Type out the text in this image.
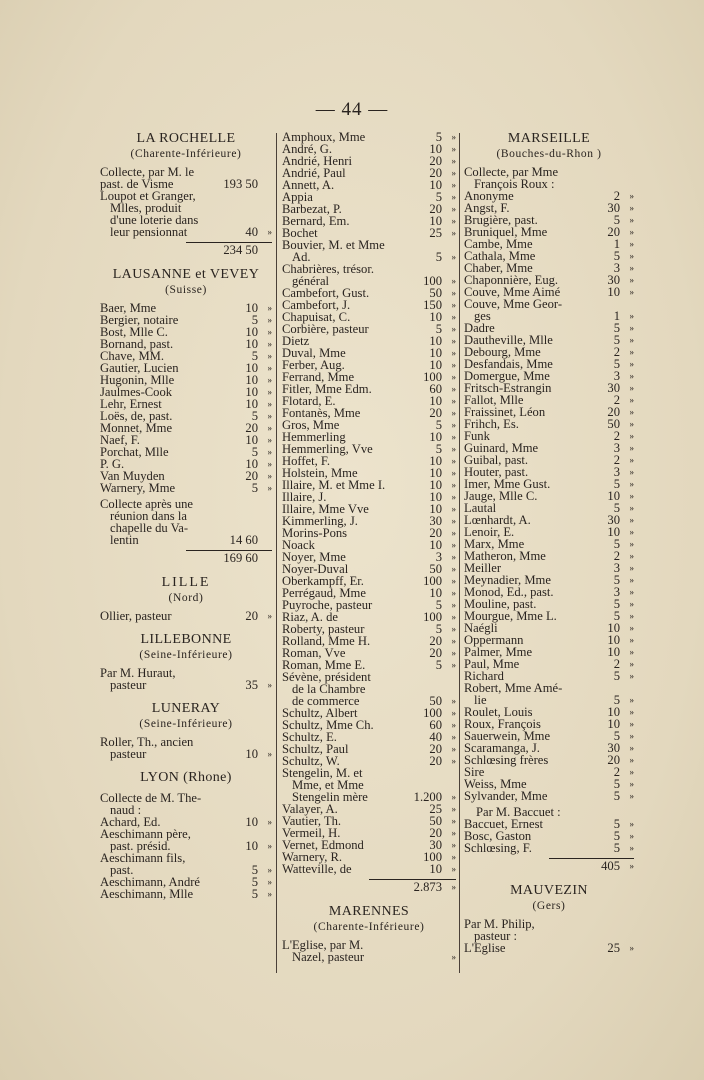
— 44 —
LA ROCHELLE
(Charente-Inférieure)
Collecte, par M. le
past. de Visme	193 50
Loupot et Granger,
Mlles, produit
d'une loterie dans
leur pensionnat	40 »
234 50
LAUSANNE et VEVEY
(Suisse)
Baer, Mme	10 »
Bergier, notaire	5 »
Bost, Mlle C.	10 »
Bornand, past.	10 »
Chave, MM.	5 »
Gautier, Lucien	10 »
Hugonin, Mlle	10 »
Jaulmes-Cook	10 »
Lehr, Ernest	10 »
Loës, de, past.	5 »
Monnet, Mme	20 »
Naef, F.	10 »
Porchat, Mlle	5 »
P. G.	10 »
Van Muyden	20 »
Warnery, Mme	5 »
Collecte après une
réunion dans la
chapelle du Va-
lentin	14 60
169 60
LILLE
(Nord)
Ollier, pasteur	20 »
LILLEBONNE
(Seine-Inférieure)
Par M. Huraut,
pasteur	35 »
LUNERAY
(Seine-Inférieure)
Roller, Th., ancien
pasteur	10 »
LYON (Rhone)
Collecte de M. The-
naud :
Achard, Ed.	10 »
Aeschimann père,
past. présid.	10 »
Aeschimann fils,
past.	5 »
Aeschimann, André	5 »
Aeschimann, Mlle	5 »
Amphoux, Mme	5 »
André, G.	10 »
Andrié, Henri	20 »
Andrié, Paul	20 »
Annett, A.	10 »
Appia	5 »
Barbezat, P.	20 »
Bernard, Em.	10 »
Bochet	25 »
Bouvier, M. et Mme
Ad.	5 »
Chabrières, trésor.
général	100 »
Cambefort, Gust.	50 »
Cambefort, J.	150 »
Chapuisat, C.	10 »
Corbière, pasteur	5 »
Dietz	10 »
Duval, Mme	10 »
Ferber, Aug.	10 »
Ferrand, Mme	100 »
Fitler, Mme Edm.	60 »
Flotard, E.	10 »
Fontanès, Mme	20 »
Gros, Mme	5 »
Hemmerling	10 »
Hemmerling, Vve	5 »
Hoffet, F.	10 »
Holstein, Mme	10 »
Illaire, M. et Mme I.	10 »
Illaire, J.	10 »
Illaire, Mme Vve	10 »
Kimmerling, J.	30 »
Morins-Pons	20 »
Noack	10 »
Noyer, Mme	3 »
Noyer-Duval	50 »
Oberkampff, Er.	100 »
Perrégaud, Mme	10 »
Puyroche, pasteur	5 »
Riaz, A. de	100 »
Roberty, pasteur	5 »
Rolland, Mme H.	20 »
Roman, Vve	20 »
Roman, Mme E.	5 »
Sévène, président
de la Chambre
de commerce	50 »
Schultz, Albert	100 »
Schultz, Mme Ch.	60 »
Schultz, E.	40 »
Schultz, Paul	20 »
Schultz, W.	20 »
Stengelin, M. et
Mme, et Mme
Stengelin mère	1.200 »
Valayer, A.	25 »
Vautier, Th.	50 »
Vermeil, H.	20 »
Vernet, Edmond	30 »
Warnery, R.	100 »
Watteville, de	10 »
2.873 »
MARENNES
(Charente-Inférieure)
L'Eglise, par M.
Nazel, pasteur	»
MARSEILLE
(Bouches-du-Rhon )
Collecte, par Mme
François Roux :
Anonyme	2 »
Angst, F.	30 »
Brugière, past.	5 »
Bruniquel, Mme	20 »
Cambe, Mme	1 »
Cathala, Mme	5 »
Chaber, Mme	3 »
Chaponnière, Eug.	30 »
Couve, Mme Aimé	10 »
Couve, Mme Geor-
ges	1 »
Dadre	5 »
Dautheville, Mlle	5 »
Debourg, Mme	2 »
Desfandais, Mme	5 »
Domergue, Mme	3 »
Fritsch-Estrangin	30 »
Fallot, Mlle	2 »
Fraissinet, Léon	20 »
Frihch, Es.	50 »
Funk	2 »
Guinard, Mme	3 »
Guibal, past.	2 »
Houter, past.	3 »
Imer, Mme Gust.	5 »
Jauge, Mlle C.	10 »
Lautal	5 »
Lœnhardt, A.	30 »
Lenoir, E.	10 »
Marx, Mme	5 »
Matheron, Mme	2 »
Meiller	3 »
Meynadier, Mme	5 »
Monod, Ed., past.	3 »
Mouline, past.	5 »
Mourgue, Mme L.	5 »
Naégli	10 »
Oppermann	10 »
Palmer, Mme	10 »
Paul, Mme	2 »
Richard	5 »
Robert, Mme Amé-
lie	5 »
Roulet, Louis	10 »
Roux, François	10 »
Sauerwein, Mme	5 »
Scaramanga, J.	30 »
Schlœsing frères	20 »
Sire	2 »
Weiss, Mme	5 »
Sylvander, Mme	5 »
Par M. Baccuet :
Baccuet, Ernest	5 »
Bosc, Gaston	5 »
Schlœsing, F.	5 »
405 »
MAUVEZIN
(Gers)
Par M. Philip,
pasteur :
L'Eglise	25 »
